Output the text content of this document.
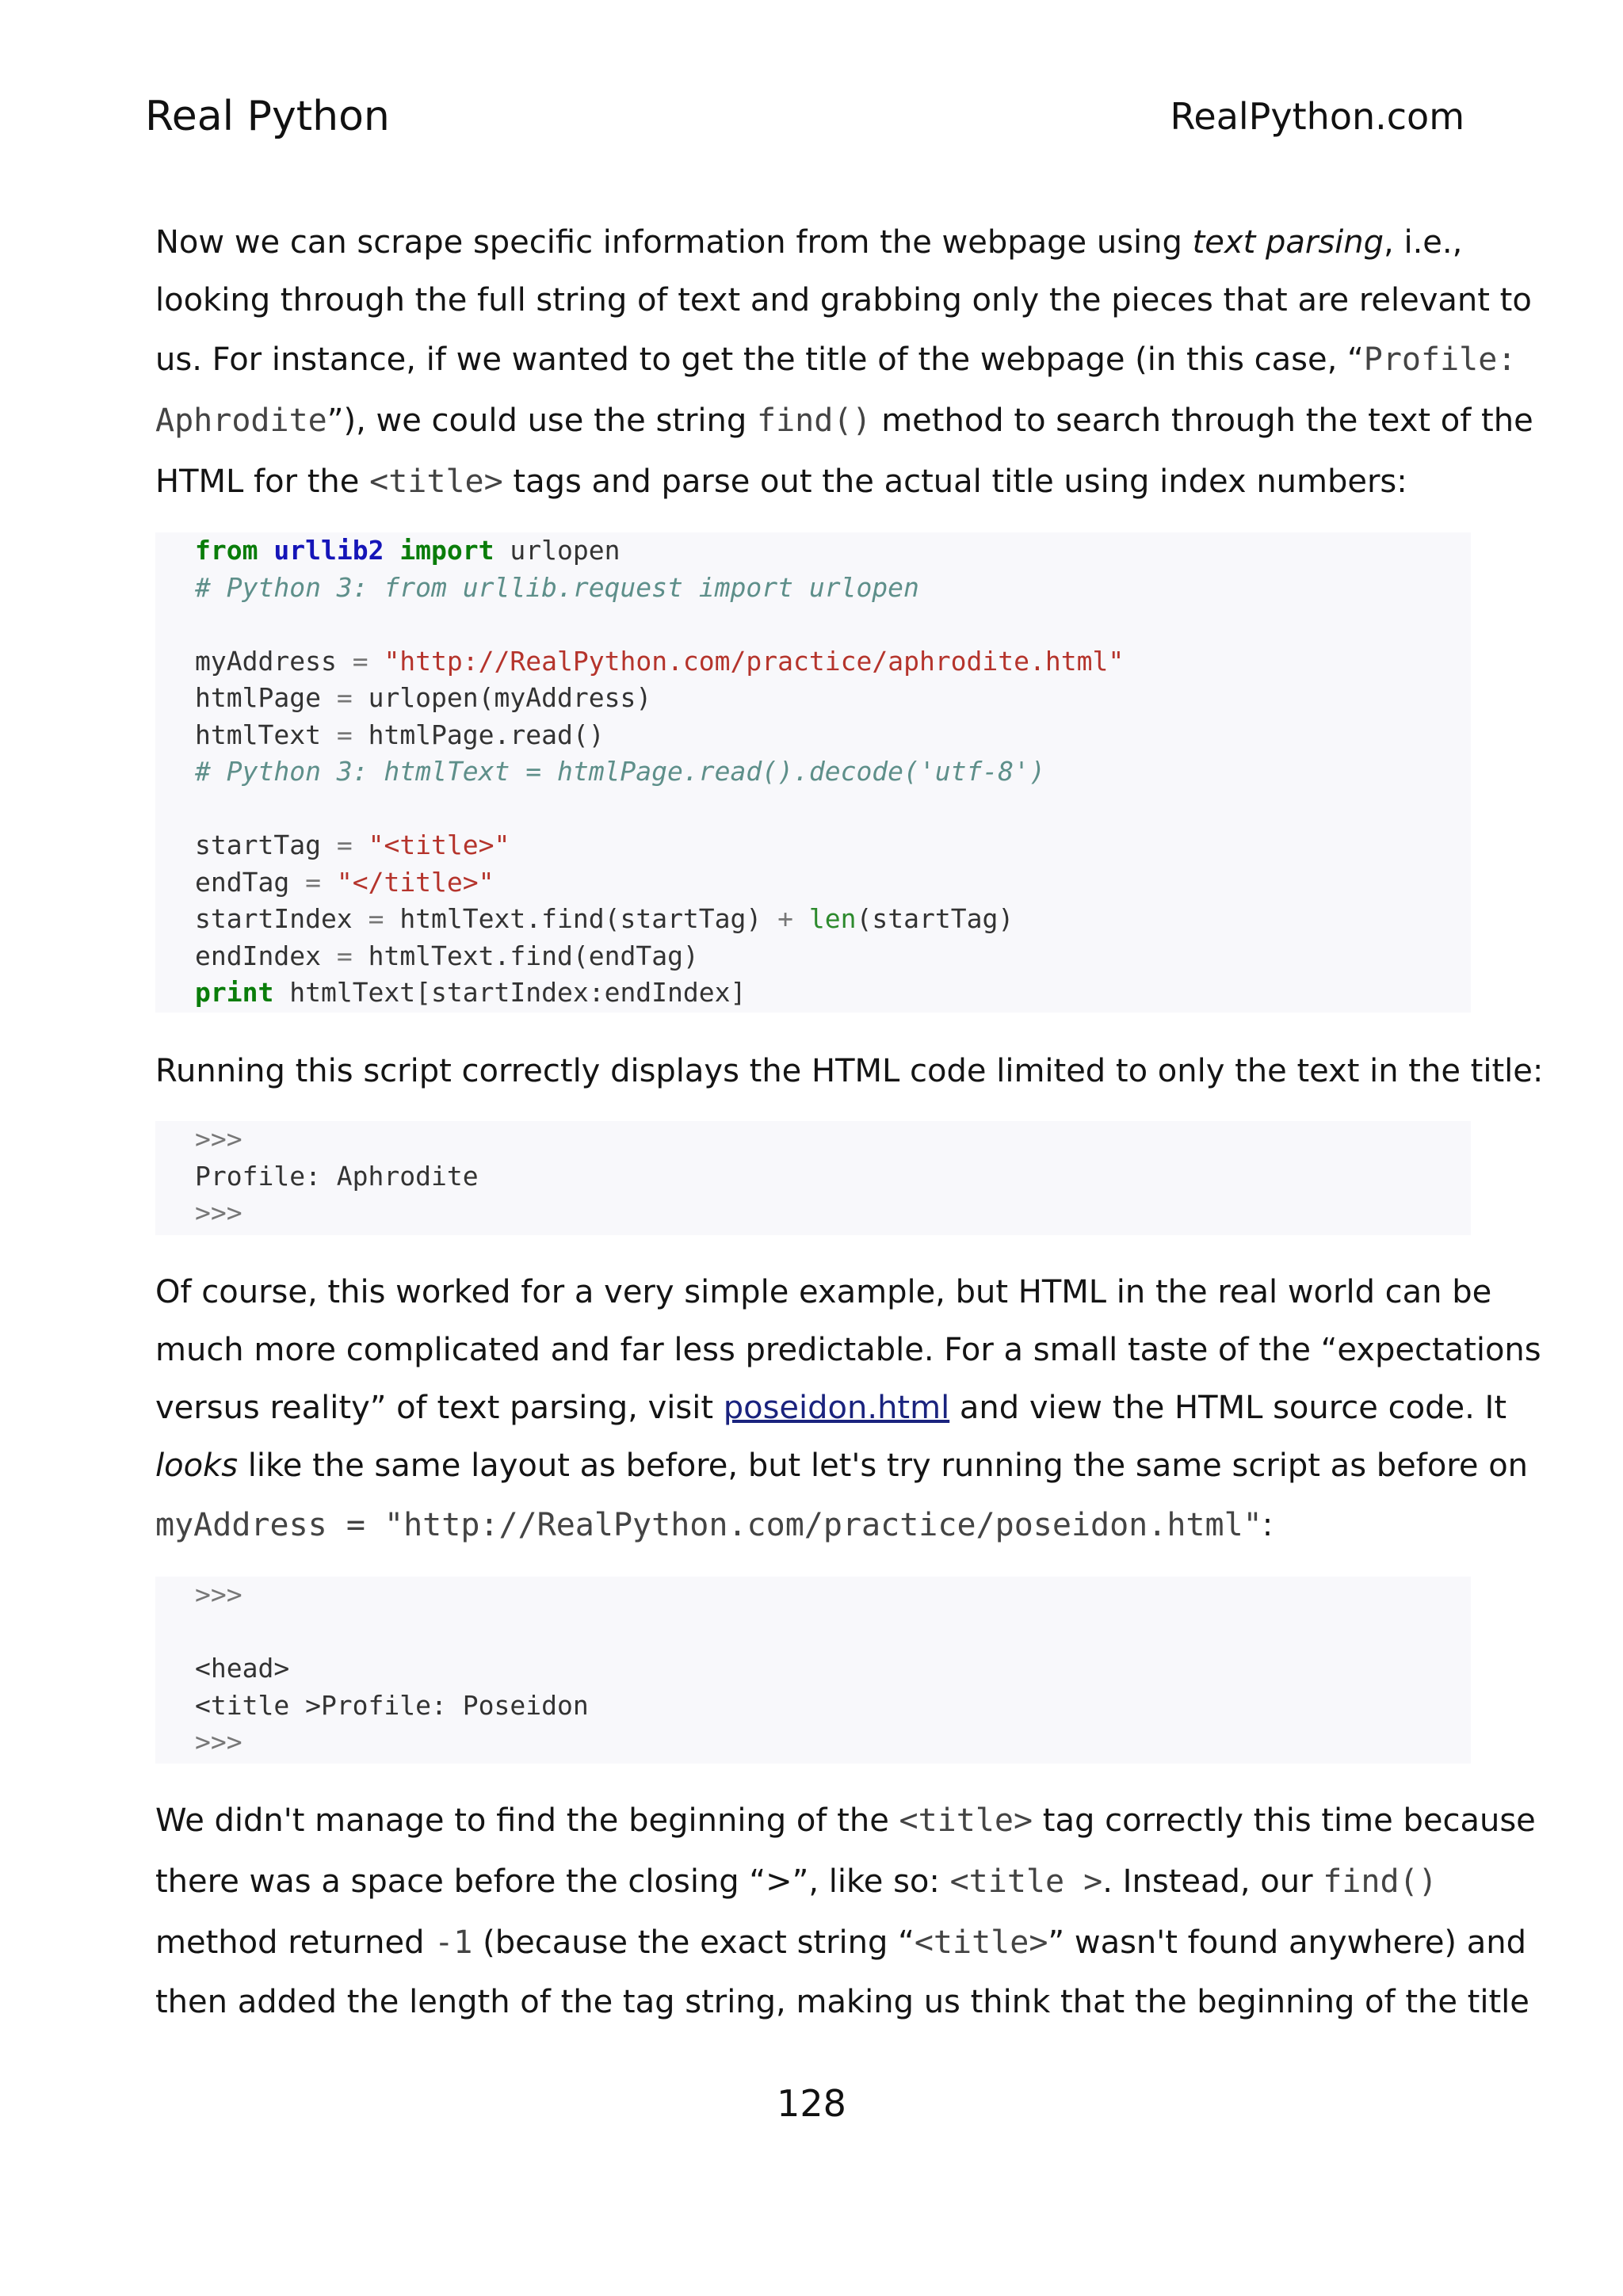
Real Python	RealPython.com
Now we can scrape specific information from the webpage using text parsing, i.e.,
looking through the full string of text and grabbing only the pieces that are relevant to
us. For instance, if we wanted to get the title of the webpage (in this case, “Profile:
Aphrodite”), we could use the string find() method to search through the text of the
HTML for the <title> tags and parse out the actual title using index numbers:
from urllib2 import urlopen
# Python 3: from urllib.request import urlopen

myAddress = "http://RealPython.com/practice/aphrodite.html"
htmlPage = urlopen(myAddress)
htmlText = htmlPage.read()
# Python 3: htmlText = htmlPage.read().decode('utf-8')

startTag = "<title>"
endTag = "</title>"
startIndex = htmlText.find(startTag) + len(startTag)
endIndex = htmlText.find(endTag)
print htmlText[startIndex:endIndex]
Running this script correctly displays the HTML code limited to only the text in the title:
>>>
Profile: Aphrodite
>>>
Of course, this worked for a very simple example, but HTML in the real world can be
much more complicated and far less predictable. For a small taste of the “expectations
versus reality” of text parsing, visit poseidon.html and view the HTML source code. It
looks like the same layout as before, but let's try running the same script as before on
myAddress = "http://RealPython.com/practice/poseidon.html":
>>>

<head>
<title >Profile: Poseidon
>>>
We didn't manage to find the beginning of the <title> tag correctly this time because
there was a space before the closing “>”, like so: <title >. Instead, our find()
method returned -1 (because the exact string “<title>” wasn't found anywhere) and
then added the length of the tag string, making us think that the beginning of the title
128
